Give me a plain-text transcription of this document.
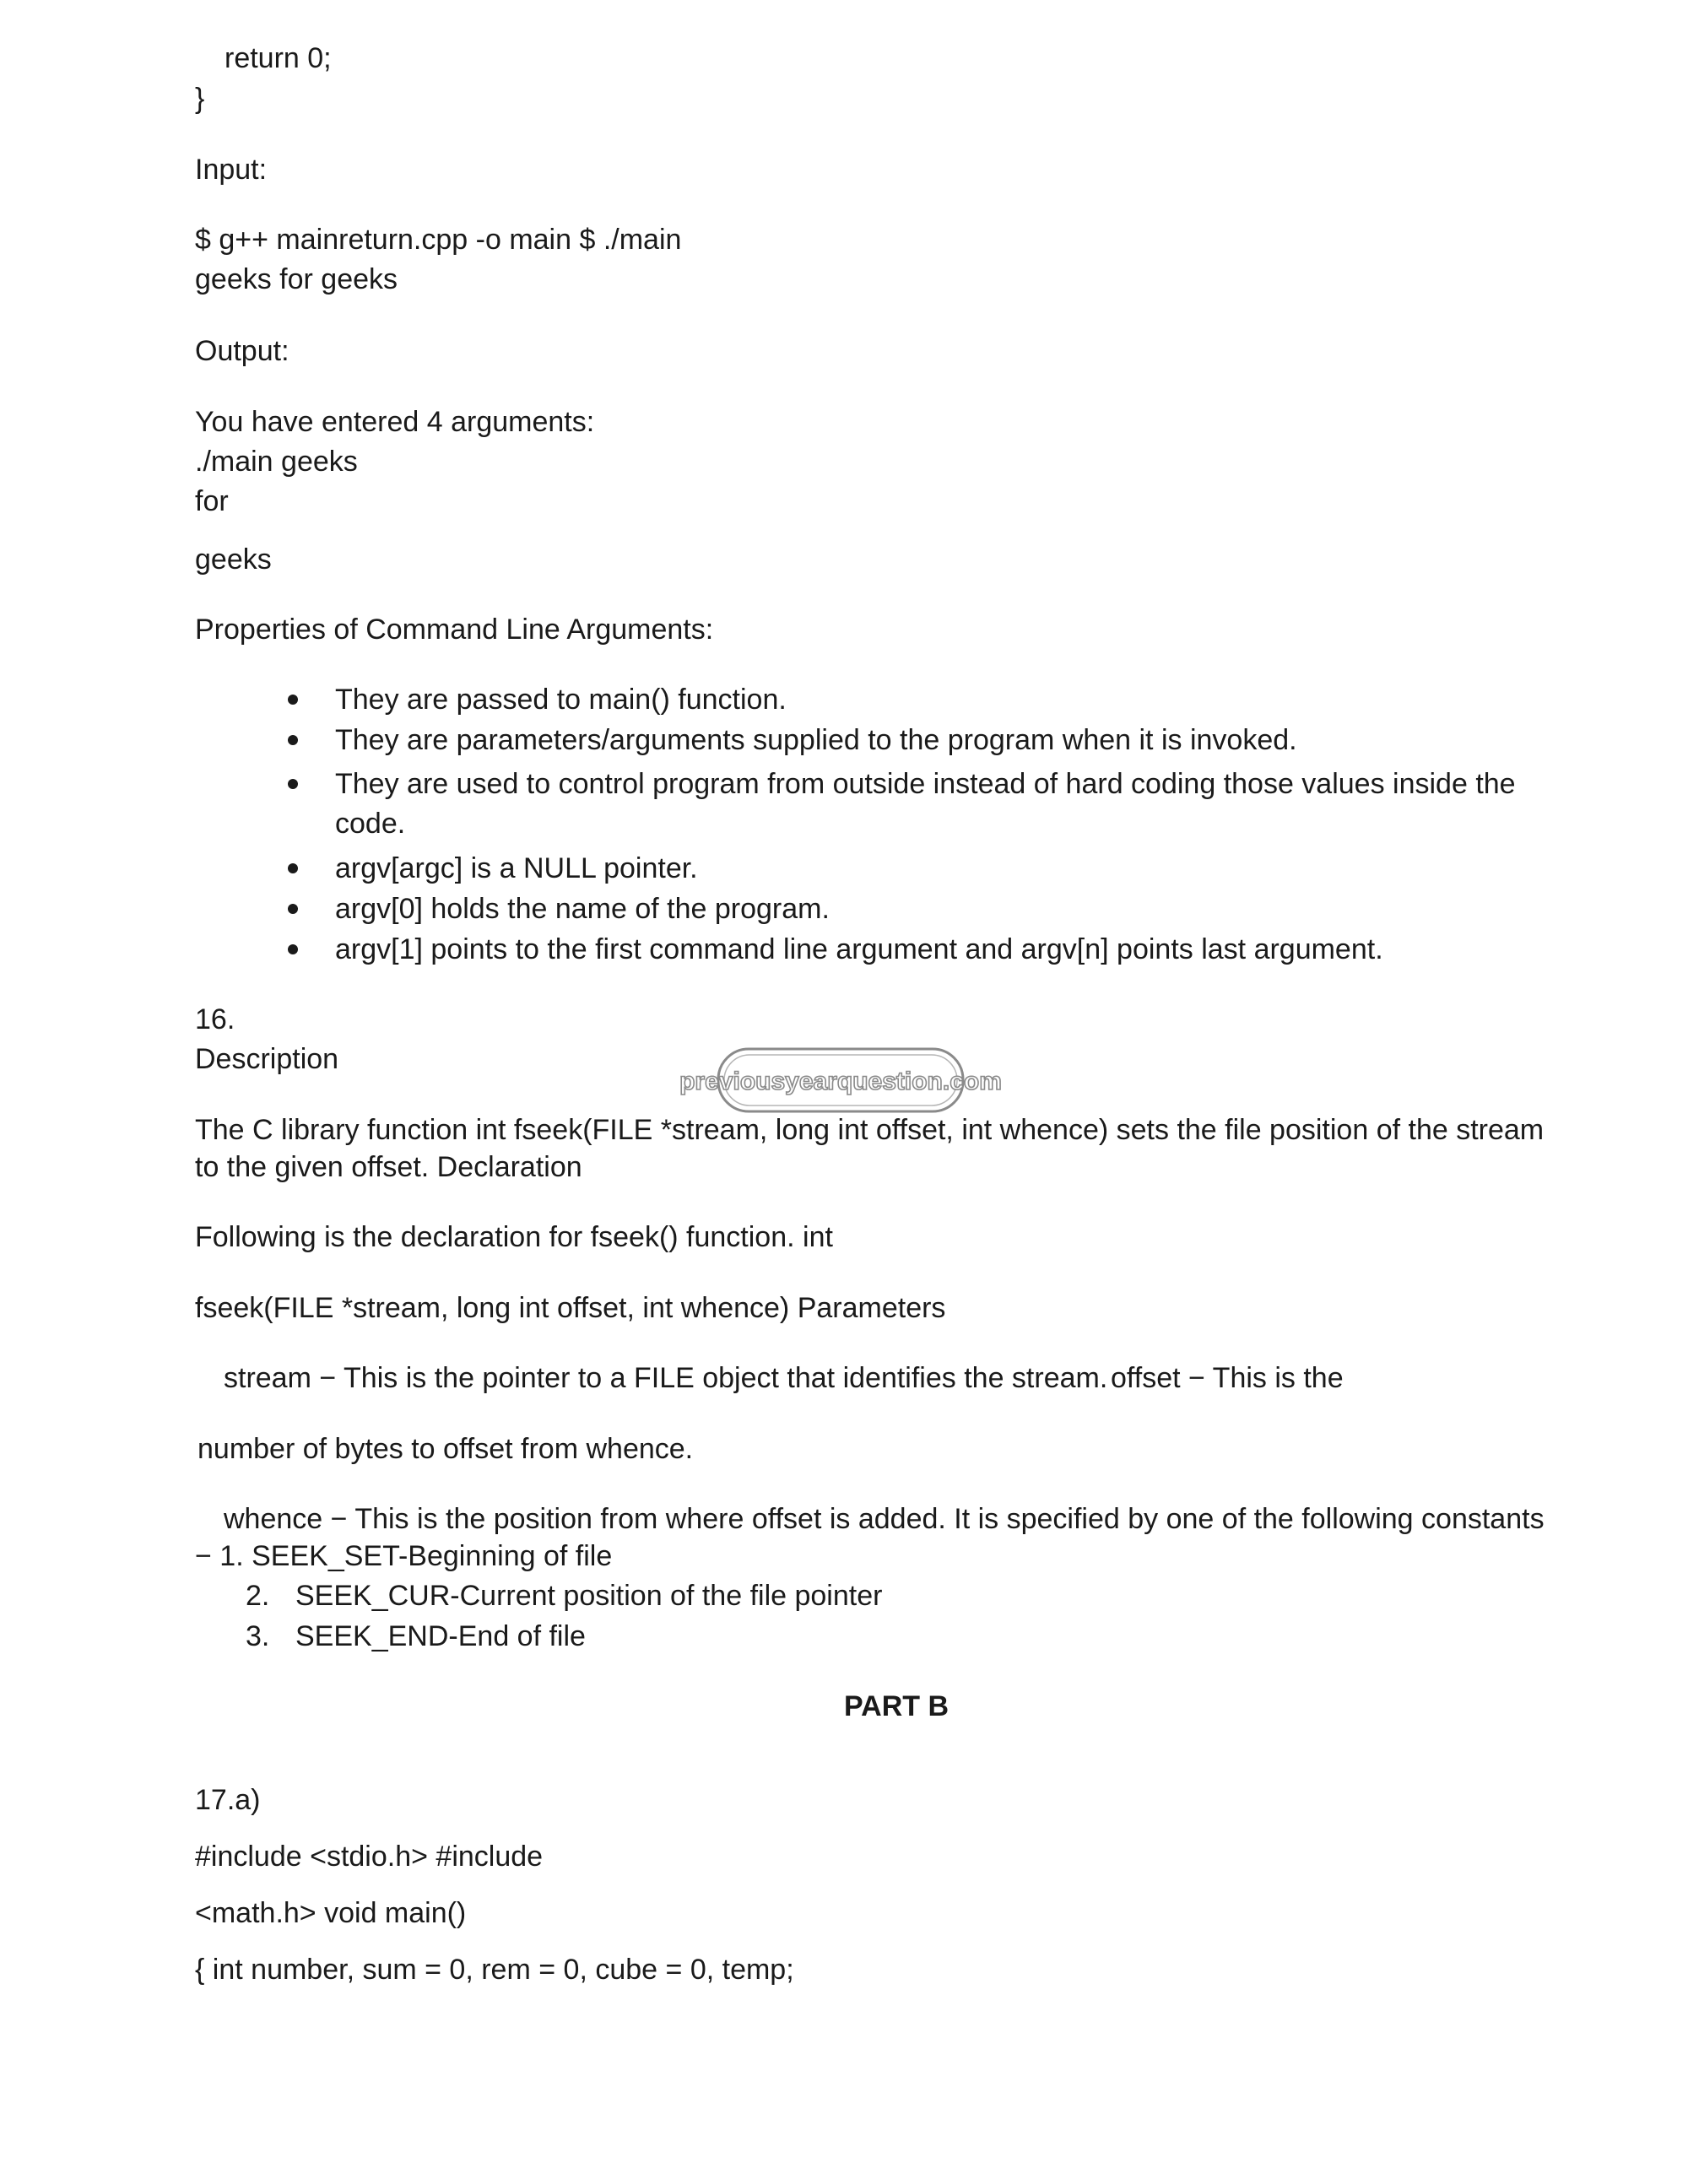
return 0;
}
Input:
$ g++ mainreturn.cpp -o main $ ./main
geeks for geeks
Output:
You have entered 4 arguments:
./main geeks
for
geeks
Properties of Command Line Arguments:
They are passed to main() function.
They are parameters/arguments supplied to the program when it is invoked.
They are used to control program from outside instead of hard coding those values inside the
code.
argv[argc] is a NULL pointer.
argv[0] holds the name of the program.
argv[1] points to the first command line argument and argv[n] points last argument.
16.
Description
previousyearquestion.com
The C library function int fseek(FILE *stream, long int offset, int whence) sets the file position of the stream
to the given offset. Declaration
Following is the declaration for fseek() function. int
fseek(FILE *stream, long int offset, int whence) Parameters
stream − This is the pointer to a FILE object that identifies the stream. offset − This is the
number of bytes to offset from whence.
whence − This is the position from where offset is added. It is specified by one of the following constants
− 1. SEEK_SET-Beginning of file
2. SEEK_CUR-Current position of the file pointer
3. SEEK_END-End of file
PART B
17.a)
#include <stdio.h> #include
<math.h> void main()
{ int number, sum = 0, rem = 0, cube = 0, temp;
